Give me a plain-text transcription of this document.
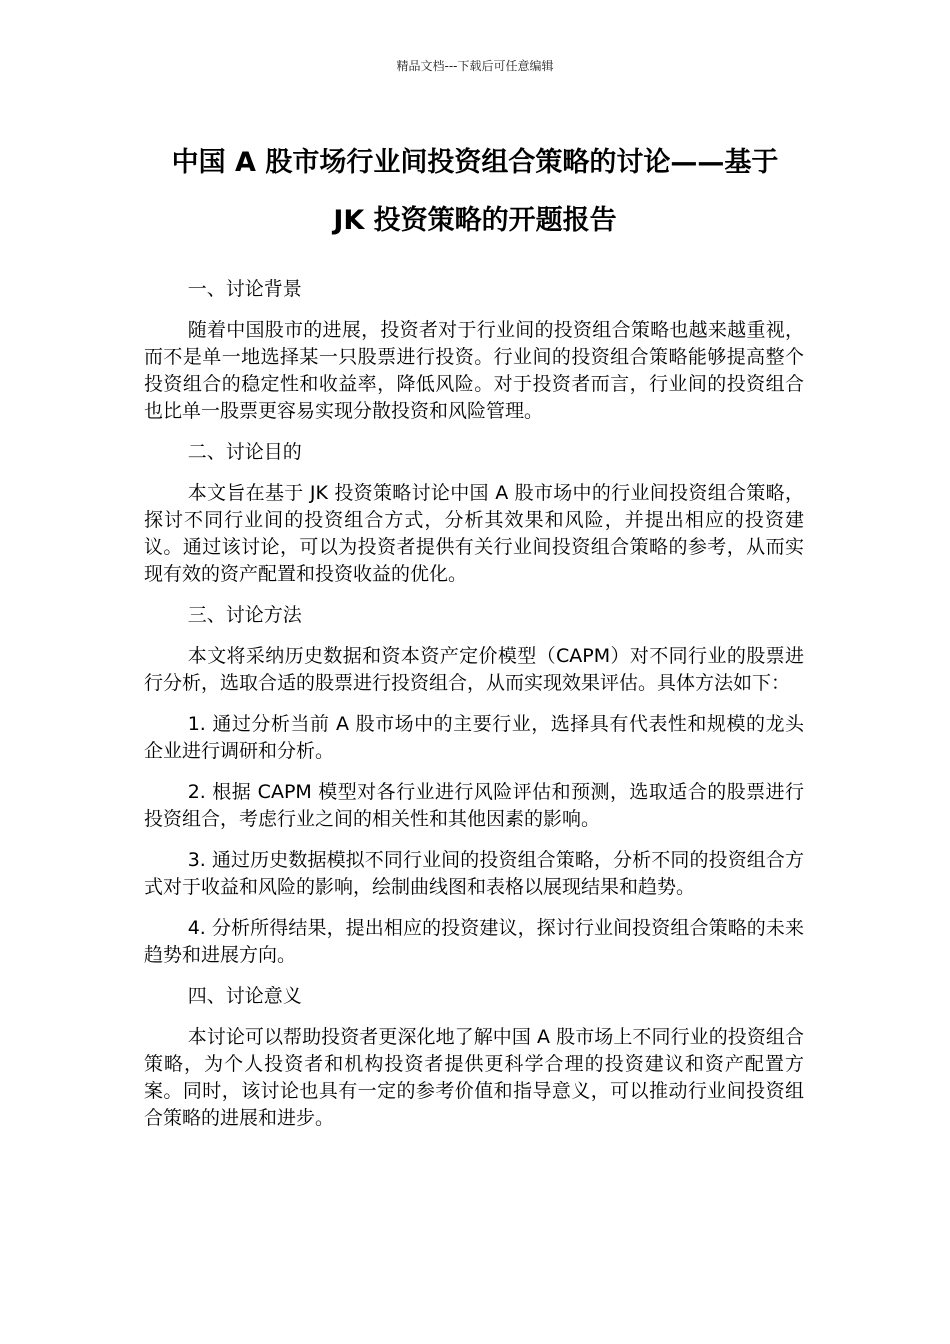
精品文档---下载后可任意编辑
中国 A 股市场行业间投资组合策略的讨论——基于
JK 投资策略的开题报告

一、讨论背景

随着中国股市的进展，投资者对于行业间的投资组合策略也越来越重视，而不是单一地选择某一只股票进行投资。行业间的投资组合策略能够提高整个投资组合的稳定性和收益率，降低风险。对于投资者而言，行业间的投资组合也比单一股票更容易实现分散投资和风险管理。

二、讨论目的

本文旨在基于 JK 投资策略讨论中国 A 股市场中的行业间投资组合策略，探讨不同行业间的投资组合方式，分析其效果和风险，并提出相应的投资建议。通过该讨论，可以为投资者提供有关行业间投资组合策略的参考，从而实现有效的资产配置和投资收益的优化。

三、讨论方法

本文将采纳历史数据和资本资产定价模型（CAPM）对不同行业的股票进行分析，选取合适的股票进行投资组合，从而实现效果评估。具体方法如下：

1. 通过分析当前 A 股市场中的主要行业，选择具有代表性和规模的龙头企业进行调研和分析。

2. 根据 CAPM 模型对各行业进行风险评估和预测，选取适合的股票进行投资组合，考虑行业之间的相关性和其他因素的影响。

3. 通过历史数据模拟不同行业间的投资组合策略，分析不同的投资组合方式对于收益和风险的影响，绘制曲线图和表格以展现结果和趋势。

4. 分析所得结果，提出相应的投资建议，探讨行业间投资组合策略的未来趋势和进展方向。

四、讨论意义

本讨论可以帮助投资者更深化地了解中国 A 股市场上不同行业的投资组合策略，为个人投资者和机构投资者提供更科学合理的投资建议和资产配置方案。同时，该讨论也具有一定的参考价值和指导意义，可以推动行业间投资组合策略的进展和进步。
